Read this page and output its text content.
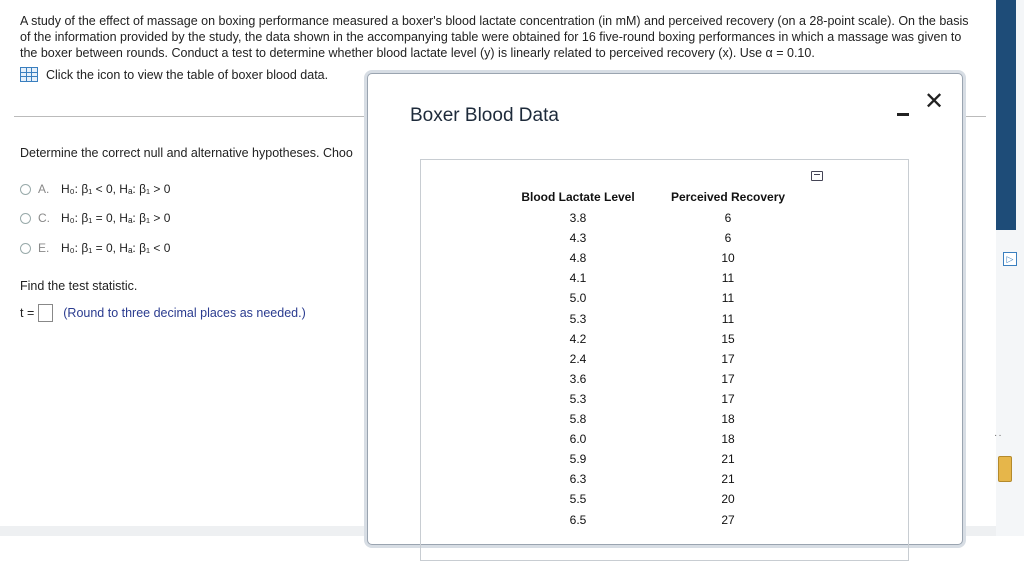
A study of the effect of massage on boxing performance measured a boxer's blood lactate concentration (in mM) and perceived recovery (on a 28-point scale). On the basis of the information provided by the study, the data shown in the accompanying table were obtained for 16 five-round boxing performances in which a massage was given to the boxer between rounds. Conduct a test to determine whether blood lactate level (y) is linearly related to perceived recovery (x). Use α = 0.10.
Click the icon to view the table of boxer blood data.
Determine the correct null and alternative hypotheses. Choo
A. H₀: β₁ < 0, Hₐ: β₁ > 0
C. H₀: β₁ = 0, Hₐ: β₁ > 0
E. H₀: β₁ = 0, Hₐ: β₁ < 0
Find the test statistic.
t = (Round to three decimal places as needed.)
▷
··
Boxer Blood Data
✕
Blood Lactate Level	Perceived Recovery
3.8	6
4.3	6
4.8	10
4.1	11
5.0	11
5.3	11
4.2	15
2.4	17
3.6	17
5.3	17
5.8	18
6.0	18
5.9	21
6.3	21
5.5	20
6.5	27
